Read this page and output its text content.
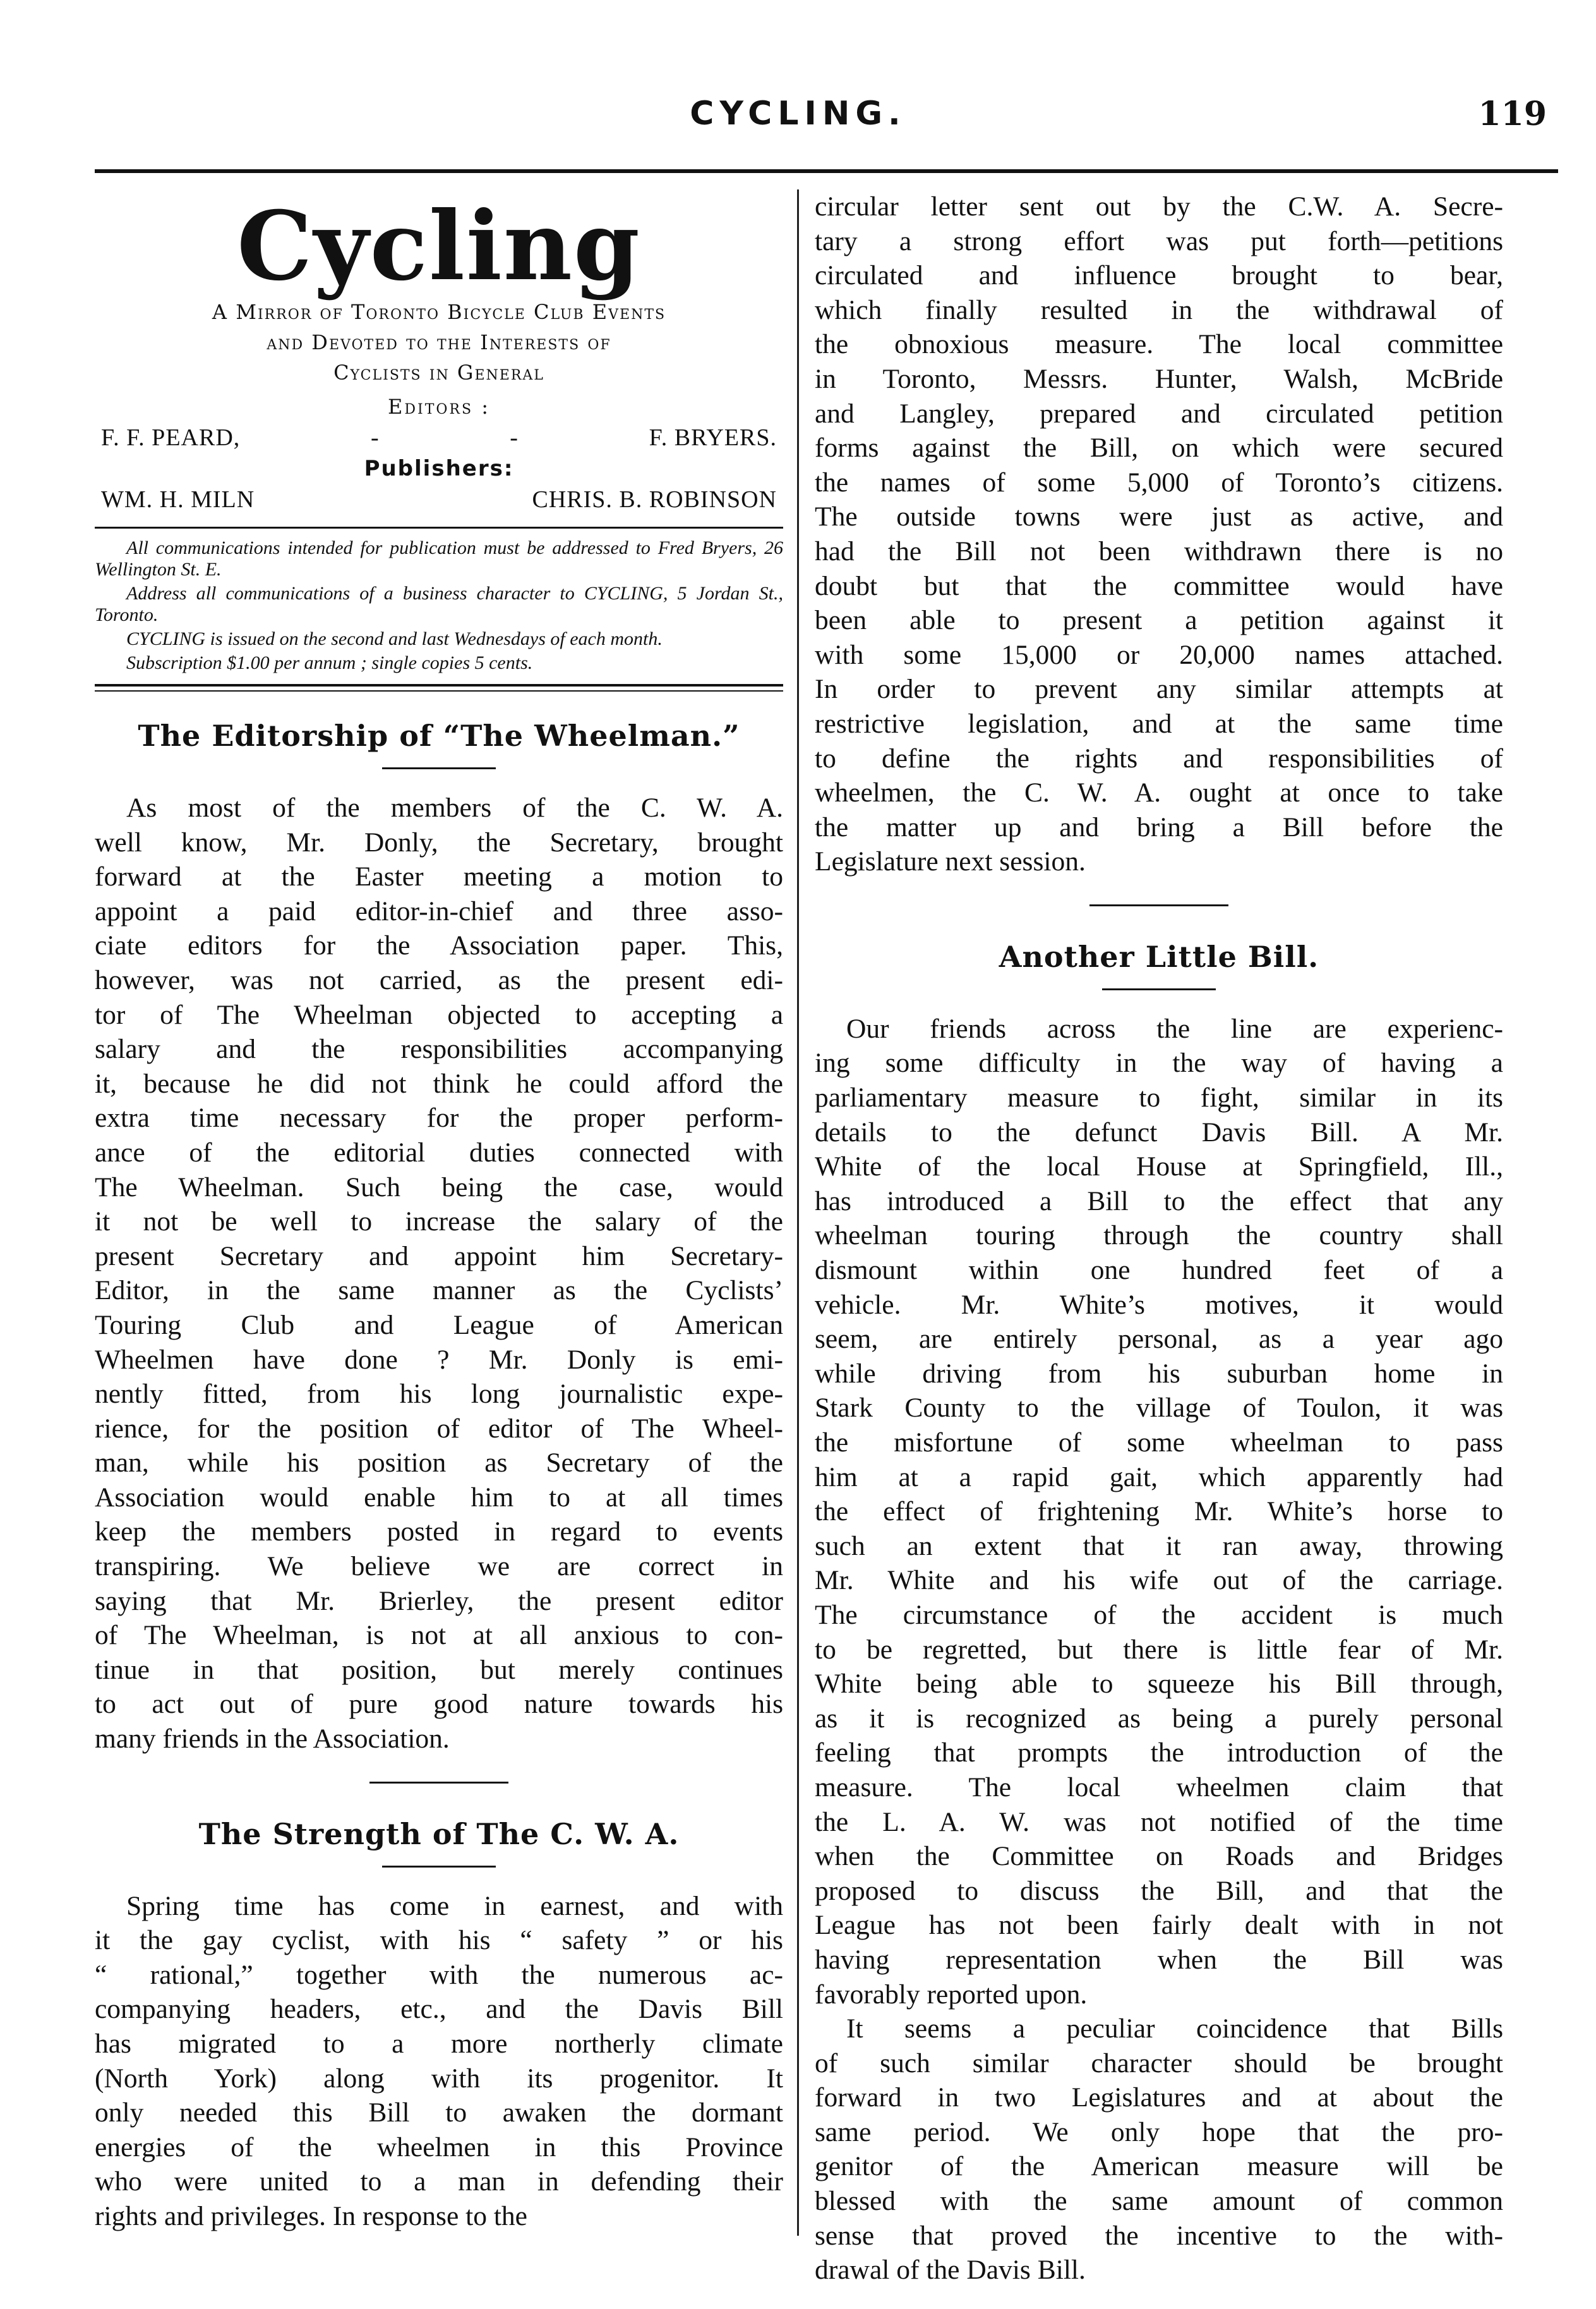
CYCLING.	119
Cycling
A Mirror of Toronto Bicycle Club Events
and Devoted to the Interests of
Cyclists in General
Editors :
F. F. PEARD,	-	-	F. BRYERS.
Publishers:
WM. H. MILN	CHRIS. B. ROBINSON

All communications intended for publication must be addressed to Fred Bryers, 26 Wellington St. E.

Address all communications of a business character to CYCLING, 5 Jordan St., Toronto.

CYCLING is issued on the second and last Wednesdays of each month.

Subscription $1.00 per annum ; single copies 5 cents.

The Editorship of “The Wheelman.”
As most of the members of the C. W. A.
well know, Mr. Donly, the Secretary, brought
forward at the Easter meeting a motion to
appoint a paid editor-in-chief and three asso-
ciate editors for the Association paper. This,
however, was not carried, as the present edi-
tor of The Wheelman objected to accepting a
salary and the responsibilities accompanying
it, because he did not think he could afford the
extra time necessary for the proper perform-
ance of the editorial duties connected with
The Wheelman. Such being the case, would
it not be well to increase the salary of the
present Secretary and appoint him Secretary-
Editor, in the same manner as the Cyclists’
Touring Club and League of American
Wheelmen have done ? Mr. Donly is emi-
nently fitted, from his long journalistic expe-
rience, for the position of editor of The Wheel-
man, while his position as Secretary of the
Association would enable him to at all times
keep the members posted in regard to events
transpiring. We believe we are correct in
saying that Mr. Brierley, the present editor
of The Wheelman, is not at all anxious to con-
tinue in that position, but merely continues
to act out of pure good nature towards his
many friends in the Association.
The Strength of The C. W. A.
Spring time has come in earnest, and with
it the gay cyclist, with his “ safety ” or his
“ rational,” together with the numerous ac-
companying headers, etc., and the Davis Bill
has migrated to a more northerly climate
(North York) along with its progenitor. It
only needed this Bill to awaken the dormant
energies of the wheelmen in this Province
who were united to a man in defending their
rights and privileges. In response to the
circular letter sent out by the C.W. A. Secre-
tary a strong effort was put forth—petitions
circulated and influence brought to bear,
which finally resulted in the withdrawal of
the obnoxious measure. The local committee
in Toronto, Messrs. Hunter, Walsh, McBride
and Langley, prepared and circulated petition
forms against the Bill, on which were secured
the names of some 5,000 of Toronto’s citizens.
The outside towns were just as active, and
had the Bill not been withdrawn there is no
doubt but that the committee would have
been able to present a petition against it
with some 15,000 or 20,000 names attached.
In order to prevent any similar attempts at
restrictive legislation, and at the same time
to define the rights and responsibilities of
wheelmen, the C. W. A. ought at once to take
the matter up and bring a Bill before the
Legislature next session.
Another Little Bill.
Our friends across the line are experienc-
ing some difficulty in the way of having a
parliamentary measure to fight, similar in its
details to the defunct Davis Bill. A Mr.
White of the local House at Springfield, Ill.,
has introduced a Bill to the effect that any
wheelman touring through the country shall
dismount within one hundred feet of a
vehicle. Mr. White’s motives, it would
seem, are entirely personal, as a year ago
while driving from his suburban home in
Stark County to the village of Toulon, it was
the misfortune of some wheelman to pass
him at a rapid gait, which apparently had
the effect of frightening Mr. White’s horse to
such an extent that it ran away, throwing
Mr. White and his wife out of the carriage.
The circumstance of the accident is much
to be regretted, but there is little fear of Mr.
White being able to squeeze his Bill through,
as it is recognized as being a purely personal
feeling that prompts the introduction of the
measure. The local wheelmen claim that
the L. A. W. was not notified of the time
when the Committee on Roads and Bridges
proposed to discuss the Bill, and that the
League has not been fairly dealt with in not
having representation when the Bill was
favorably reported upon.
It seems a peculiar coincidence that Bills
of such similar character should be brought
forward in two Legislatures and at about the
same period. We only hope that the pro-
genitor of the American measure will be
blessed with the same amount of common
sense that proved the incentive to the with-
drawal of the Davis Bill.
